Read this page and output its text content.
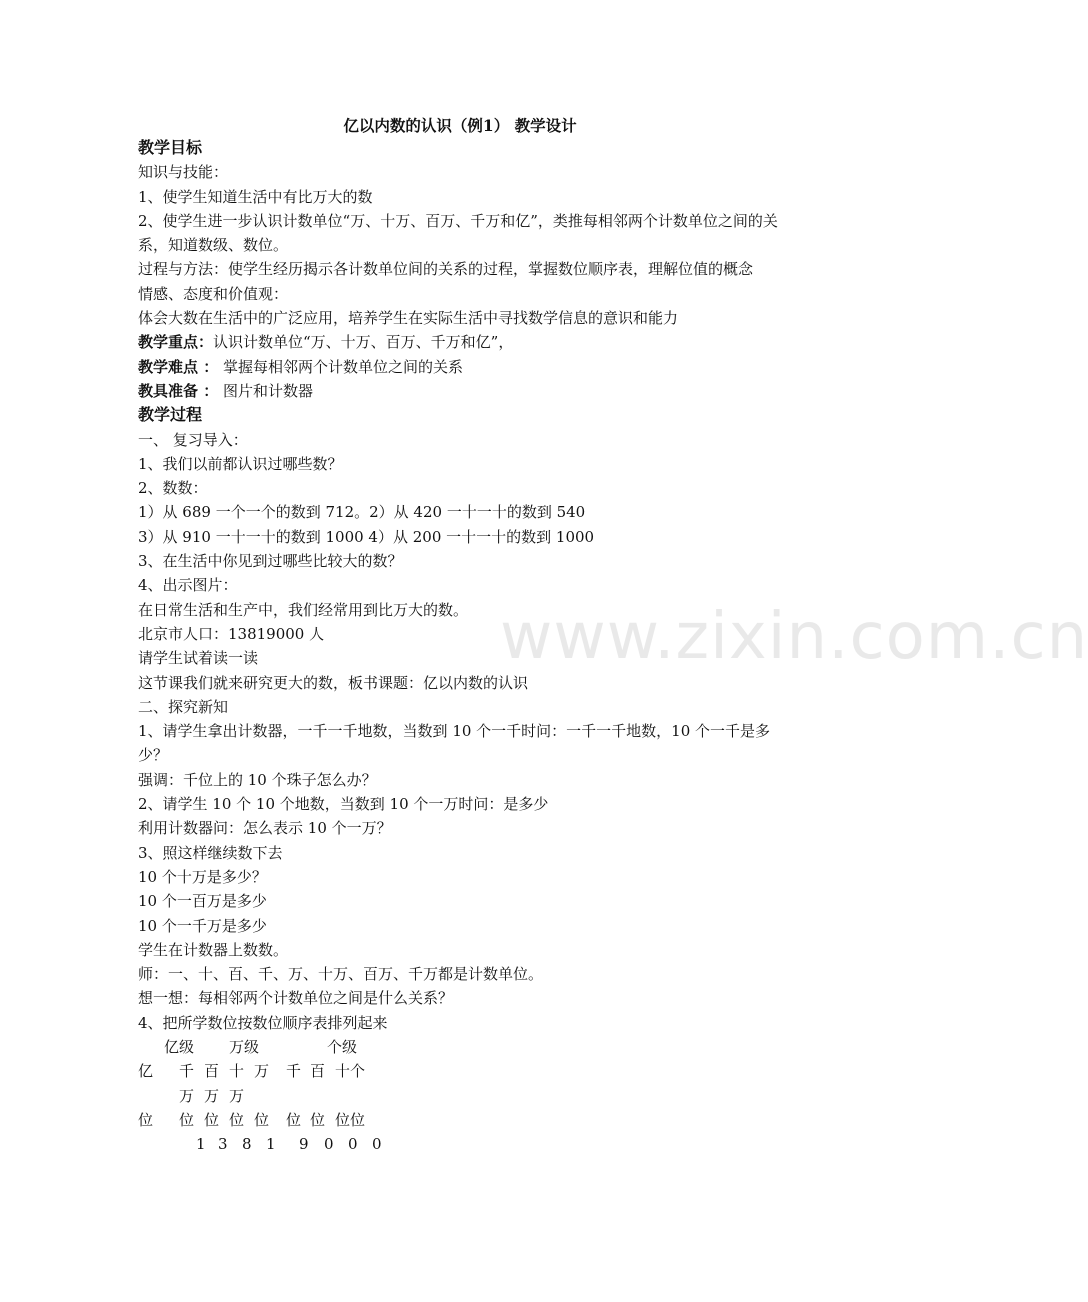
www.zixin.com.cn
亿以内数的认识（例1） 教学设计

教学目标

知识与技能：

1、使学生知道生活中有比万大的数

2、使学生进一步认识计数单位“万、十万、百万、千万和亿”，类推每相邻两个计数单位之间的关系，知道数级、数位。

过程与方法：使学生经历揭示各计数单位间的关系的过程，掌握数位顺序表，理解位值的概念

情感、态度和价值观：

体会大数在生活中的广泛应用，培养学生在实际生活中寻找数学信息的意识和能力

教学重点：认识计数单位“万、十万、百万、千万和亿”，

教学难点 ： 掌握每相邻两个计数单位之间的关系

教具准备 ： 图片和计数器

教学过程

一、 复习导入：

1、我们以前都认识过哪些数？

2、数数：

1）从 689 一个一个的数到 712。2）从 420 一十一十的数到 540

3）从 910 一十一十的数到 1000 4）从 200 一十一十的数到 1000

3、在生活中你见到过哪些比较大的数？

4、出示图片：

在日常生活和生产中，我们经常用到比万大的数。

北京市人口：13819000 人

请学生试着读一读

这节课我们就来研究更大的数，板书课题：亿以内数的认识

二、探究新知

1、请学生拿出计数器，一千一千地数，当数到 10 个一千时问：一千一千地数，10 个一千是多少？

强调：千位上的 10 个珠子怎么办？

2、请学生 10 个 10 个地数，当数到 10 个一万时问：是多少

利用计数器问：怎么表示 10 个一万？

3、照这样继续数下去

10 个十万是多少？

10 个一百万是多少

10 个一千万是多少

学生在计数器上数数。

师：一、十、百、千、万、十万、百万、千万都是计数单位。

想一想：每相邻两个计数单位之间是什么关系？

4、把所学数位按数位顺序表排列起来

亿级 万级	个级
亿 千 百 十 万 千 百 十个
万 万 万
位 位 位 位 位 位 位 位位
1 3 8 1 9 0 0 0
